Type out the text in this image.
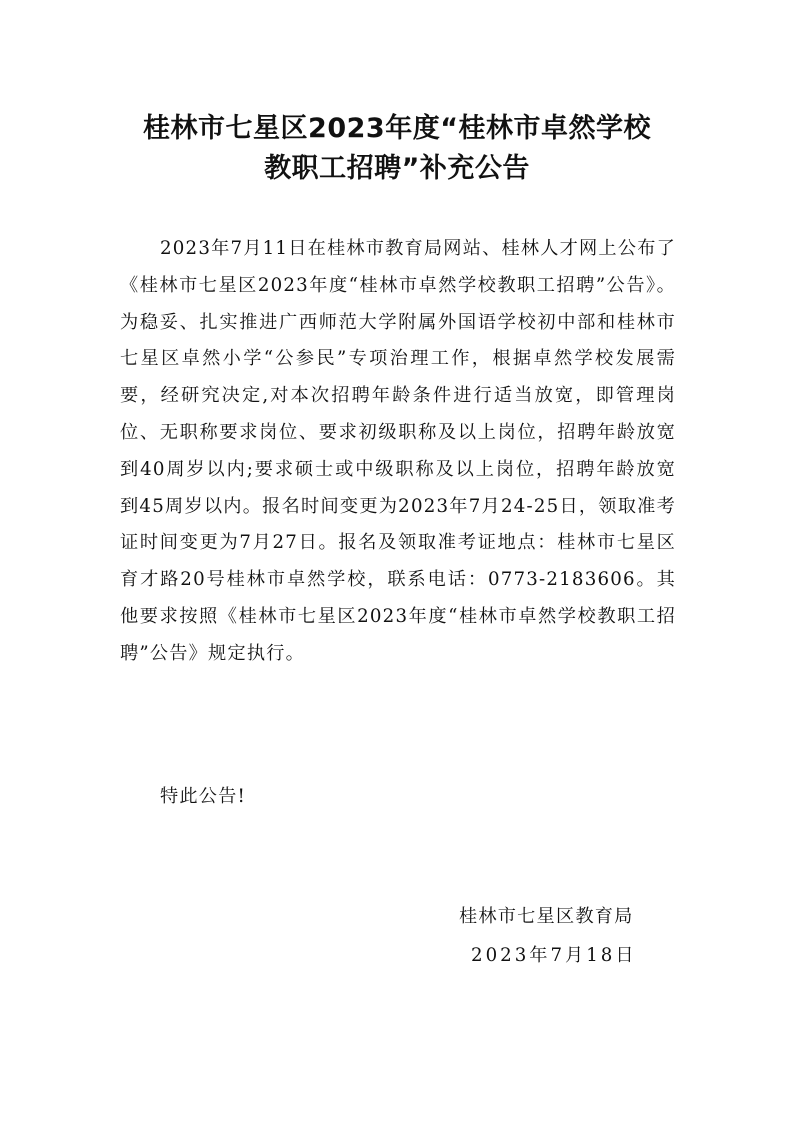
桂林市七星区2023年度“桂林市卓然学校
教职工招聘”补充公告

2023年7月11日在桂林市教育局网站、桂林人才网上公布了《桂林市七星区2023年度“桂林市卓然学校教职工招聘”公告》。为稳妥、扎实推进广西师范大学附属外国语学校初中部和桂林市七星区卓然小学“公参民”专项治理工作，根据卓然学校发展需要，经研究决定,对本次招聘年龄条件进行适当放宽，即管理岗位、无职称要求岗位、要求初级职称及以上岗位，招聘年龄放宽到40周岁以内;要求硕士或中级职称及以上岗位，招聘年龄放宽到45周岁以内。报名时间变更为2023年7月24-25日，领取准考证时间变更为7月27日。报名及领取准考证地点：桂林市七星区育才路20号桂林市卓然学校，联系电话：0773-2183606。其他要求按照《桂林市七星区2023年度“桂林市卓然学校教职工招聘”公告》规定执行。

特此公告!

桂林市七星区教育局

2023年7月18日
